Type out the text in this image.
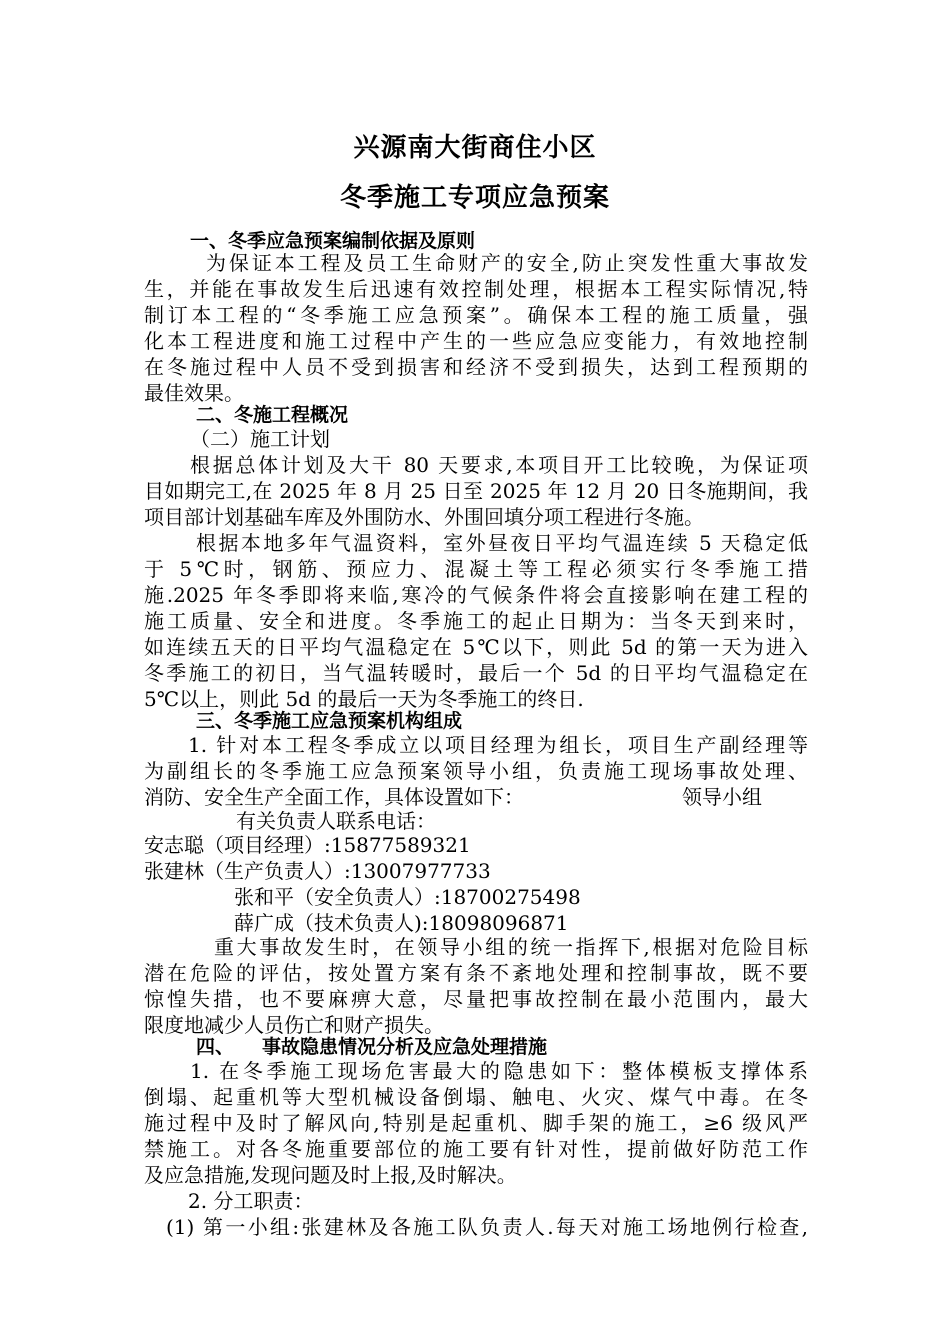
兴源南大街商住小区
冬季施工专项应急预案
一、冬季应急预案编制依据及原则
为保证本工程及员工生命财产的安全,防止突发性重大事故发
生，并能在事故发生后迅速有效控制处理，根据本工程实际情况,特
制订本工程的“冬季施工应急预案”。确保本工程的施工质量，强
化本工程进度和施工过程中产生的一些应急应变能力，有效地控制
在冬施过程中人员不受到损害和经济不受到损失，达到工程预期的
最佳效果。
二、冬施工程概况
（二）施工计划
根据总体计划及大干 80 天要求,本项目开工比较晚，为保证项
目如期完工,在 2025 年 8 月 25 日至 2025 年 12 月 20 日冬施期间，我
项目部计划基础车库及外围防水、外围回填分项工程进行冬施。
根据本地多年气温资料，室外昼夜日平均气温连续 5 天稳定低
于 5℃时，钢筋、预应力、混凝土等工程必须实行冬季施工措
施.2025 年冬季即将来临,寒冷的气候条件将会直接影响在建工程的
施工质量、安全和进度。冬季施工的起止日期为：当冬天到来时，
如连续五天的日平均气温稳定在 5℃以下，则此 5d 的第一天为进入
冬季施工的初日，当气温转暖时，最后一个 5d 的日平均气温稳定在
5℃以上，则此 5d 的最后一天为冬季施工的终日.
三、冬季施工应急预案机构组成
1. 针对本工程冬季成立以项目经理为组长，项目生产副经理等
为副组长的冬季施工应急预案领导小组，负责施工现场事故处理、
消防、安全生产全面工作，具体设置如下：	领导小组
有关负责人联系电话：
安志聪（项目经理）:15877589321
张建林（生产负责人）:13007977733
张和平（安全负责人）:18700275498
薛广成（技术负责人):18098096871
重大事故发生时，在领导小组的统一指挥下,根据对危险目标
潜在危险的评估，按处置方案有条不紊地处理和控制事故，既不要
惊惶失措，也不要麻痹大意，尽量把事故控制在最小范围内，最大
限度地减少人员伤亡和财产损失。
四、 事故隐患情况分析及应急处理措施
1. 在冬季施工现场危害最大的隐患如下：整体模板支撑体系
倒塌、起重机等大型机械设备倒塌、触电、火灾、煤气中毒。在冬
施过程中及时了解风向,特别是起重机、脚手架的施工，≥6 级风严
禁施工。对各冬施重要部位的施工要有针对性，提前做好防范工作
及应急措施,发现问题及时上报,及时解决。
2. 分工职责：
(1) 第一小组:张建林及各施工队负责人.每天对施工场地例行检查,
